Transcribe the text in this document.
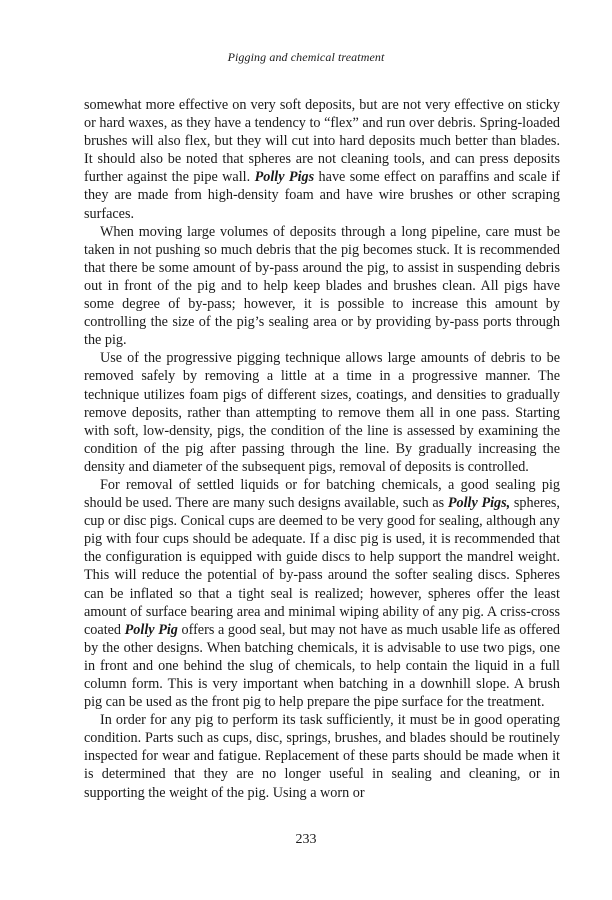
Pigging and chemical treatment

somewhat more effective on very soft deposits, but are not very effective on sticky or hard waxes, as they have a tendency to “flex” and run over debris. Spring-loaded brushes will also flex, but they will cut into hard deposits much better than blades. It should also be noted that spheres are not cleaning tools, and can press deposits further against the pipe wall. Polly Pigs have some effect on paraffins and scale if they are made from high-density foam and have wire brushes or other scraping surfaces.

When moving large volumes of deposits through a long pipeline, care must be taken in not pushing so much debris that the pig becomes stuck. It is recommended that there be some amount of by-pass around the pig, to assist in suspending debris out in front of the pig and to help keep blades and brushes clean. All pigs have some degree of by-pass; however, it is possible to increase this amount by controlling the size of the pig’s sealing area or by providing by-pass ports through the pig.

Use of the progressive pigging technique allows large amounts of debris to be removed safely by removing a little at a time in a progressive manner. The technique utilizes foam pigs of different sizes, coatings, and densities to gradually remove deposits, rather than attempting to remove them all in one pass. Starting with soft, low-density, pigs, the condition of the line is assessed by examining the condition of the pig after passing through the line. By gradually increasing the density and diameter of the subsequent pigs, removal of deposits is controlled.

For removal of settled liquids or for batching chemicals, a good sealing pig should be used. There are many such designs available, such as Polly Pigs, spheres, cup or disc pigs. Conical cups are deemed to be very good for sealing, although any pig with four cups should be adequate. If a disc pig is used, it is recommended that the configuration is equipped with guide discs to help support the mandrel weight. This will reduce the potential of by-pass around the softer sealing discs. Spheres can be inflated so that a tight seal is realized; however, spheres offer the least amount of surface bearing area and minimal wiping ability of any pig. A criss-cross coated Polly Pig offers a good seal, but may not have as much usable life as offered by the other designs. When batching chemicals, it is advisable to use two pigs, one in front and one behind the slug of chemicals, to help contain the liquid in a full column form. This is very important when batching in a downhill slope. A brush pig can be used as the front pig to help prepare the pipe surface for the treatment.

In order for any pig to perform its task sufficiently, it must be in good operating condition. Parts such as cups, disc, springs, brushes, and blades should be routinely inspected for wear and fatigue. Replacement of these parts should be made when it is determined that they are no longer useful in sealing and cleaning, or in supporting the weight of the pig. Using a worn or

233
